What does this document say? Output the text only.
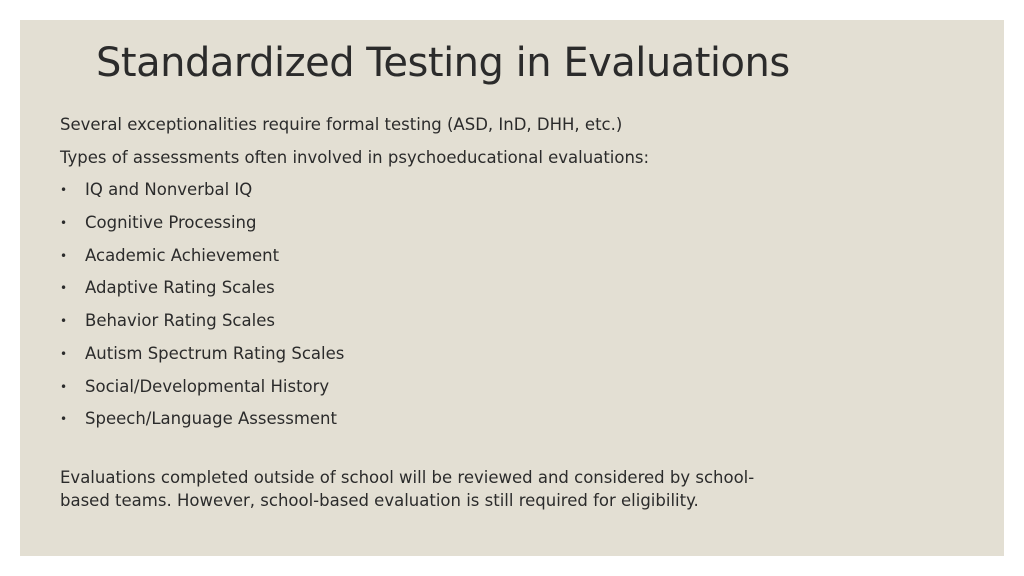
Standardized Testing in Evaluations
Several exceptionalities require formal testing (ASD, InD, DHH, etc.)
Types of assessments often involved in psychoeducational evaluations:
• IQ and Nonverbal IQ
• Cognitive Processing
• Academic Achievement
• Adaptive Rating Scales
• Behavior Rating Scales
• Autism Spectrum Rating Scales
• Social/Developmental History
• Speech/Language Assessment

Evaluations completed outside of school will be reviewed and considered by school-based teams. However, school-based evaluation is still required for eligibility.
